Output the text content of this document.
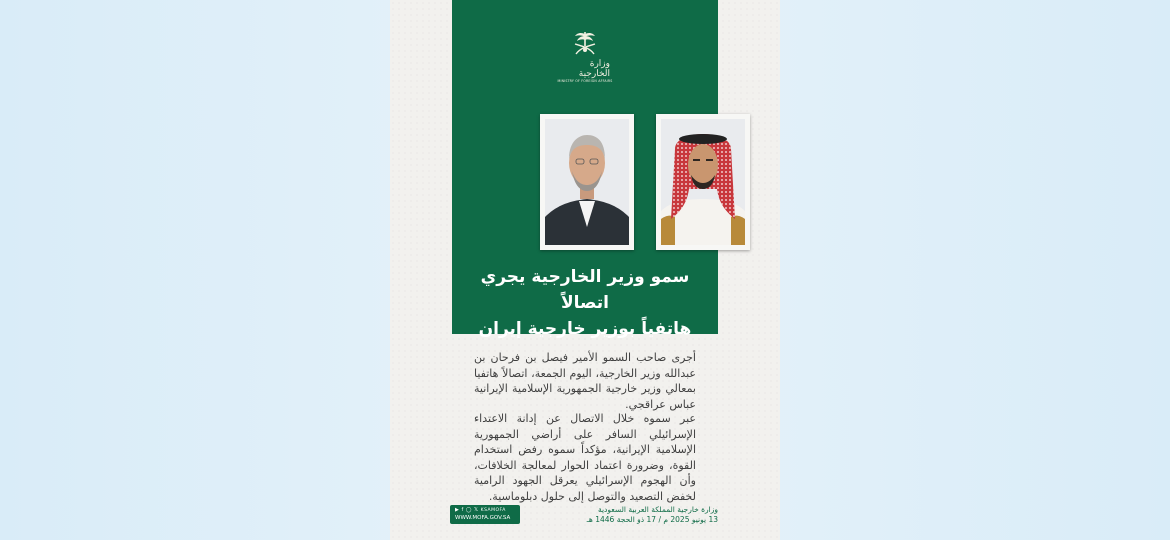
وزارة الخارجية
MINISTRY OF FOREIGN AFFAIRS
سمو وزير الخارجية يجري اتصالاً
هاتفياً بوزير خارجية إيران

أجرى صاحب السمو الأمير فيصل بن فرحان بن عبدالله وزير الخارجية، اليوم الجمعة، اتصالاً هاتفيا بمعالي وزير خارجية الجمهورية الإسلامية الإيرانية عباس عراقجي.

عبر سموه خلال الاتصال عن إدانة الاعتداء الإسرائيلي السافر على أراضي الجمهورية الإسلامية الإيرانية، مؤكداً سموه رفض استخدام القوة، وضرورة اعتماد الحوار لمعالجة الخلافات، وأن الهجوم الإسرائيلي يعرقل الجهود الرامية لخفض التصعيد والتوصل إلى حلول دبلوماسية.

▶ f ◯ 𝕏 KSAMOFA
WWW.MOFA.GOV.SA
وزارة خارجية المملكة العربية السعودية
13 يونيو 2025 م / 17 ذو الحجة 1446 هـ
